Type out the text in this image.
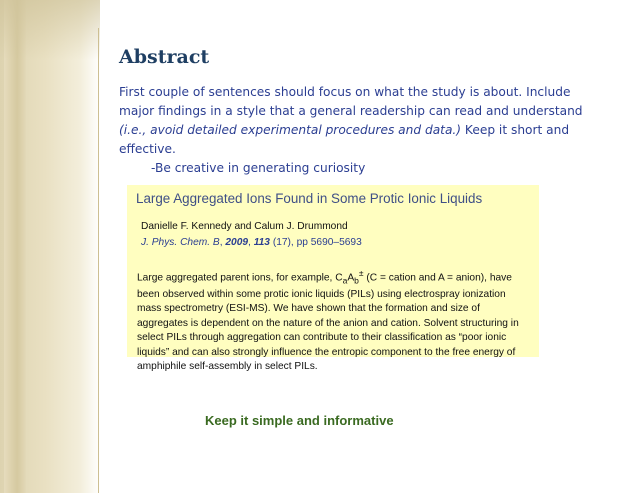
Abstract
First couple of sentences should focus on what the study is about. Include
major findings in a style that a general readership can read and understand
(i.e., avoid detailed experimental procedures and data.) Keep it short and
effective.
-Be creative in generating curiosity
Large Aggregated Ions Found in Some Protic Ionic Liquids
Danielle F. Kennedy and Calum J. Drummond
J. Phys. Chem. B, 2009, 113 (17), pp 5690–5693
Large aggregated parent ions, for example, $C_aA_b^\pm$ (C = cation and A = anion), have been observed within some protic ionic liquids (PILs) using electrospray ionization mass spectrometry (ESI-MS). We have shown that the formation and size of aggregates is dependent on the nature of the anion and cation. Solvent structuring in select PILs through aggregation can contribute to their classification as “poor ionic liquids” and can also strongly influence the entropic component to the free energy of amphiphile self-assembly in select PILs.
Keep it simple and informative
